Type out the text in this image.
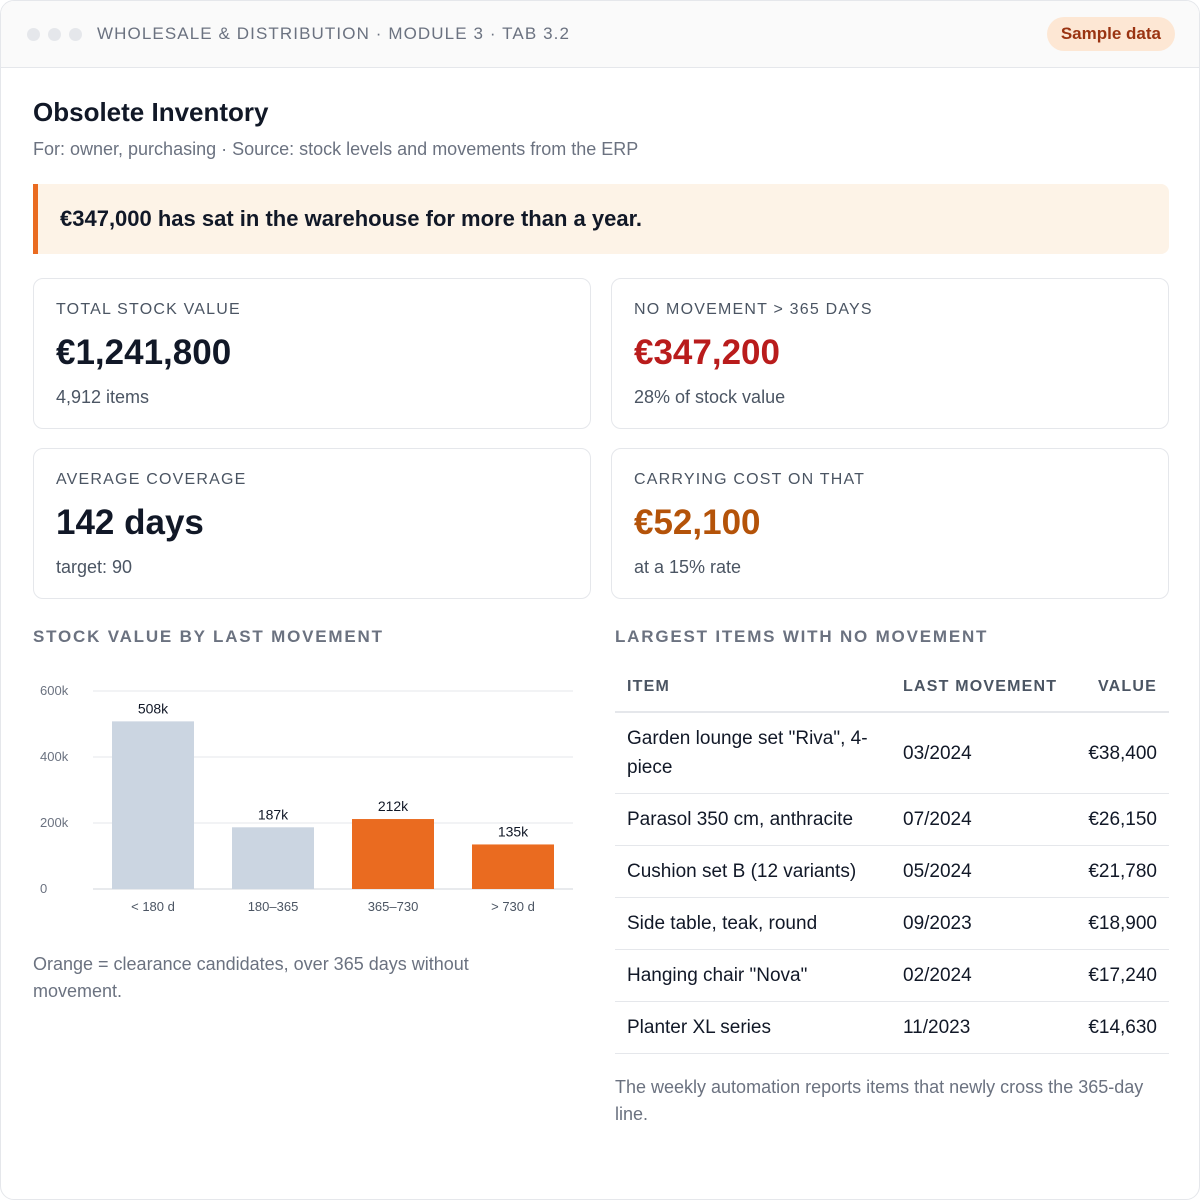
WHOLESALE & DISTRIBUTION · MODULE 3 · TAB 3.2	Sample data
Obsolete Inventory
For: owner, purchasing · Source: stock levels and movements from the ERP
€347,000 has sat in the warehouse for more than a year.
TOTAL STOCK VALUE
€1,241,800
4,912 items
NO MOVEMENT > 365 DAYS
€347,200
28% of stock value
AVERAGE COVERAGE
142 days
target: 90
CARRYING COST ON THAT
€52,100
at a 15% rate
STOCK VALUE BY LAST MOVEMENT
0
200k
400k
600k
508k
< 180 d
187k
180–365
212k
365–730
135k
> 730 d
Orange = clearance candidates, over 365 days without movement.
LARGEST ITEMS WITH NO MOVEMENT
ITEM	LAST MOVEMENT	VALUE
Garden lounge set "Riva", 4-piece	03/2024	€38,400
Parasol 350 cm, anthracite	07/2024	€26,150
Cushion set B (12 variants)	05/2024	€21,780
Side table, teak, round	09/2023	€18,900
Hanging chair "Nova"	02/2024	€17,240
Planter XL series	11/2023	€14,630
The weekly automation reports items that newly cross the 365-day line.
